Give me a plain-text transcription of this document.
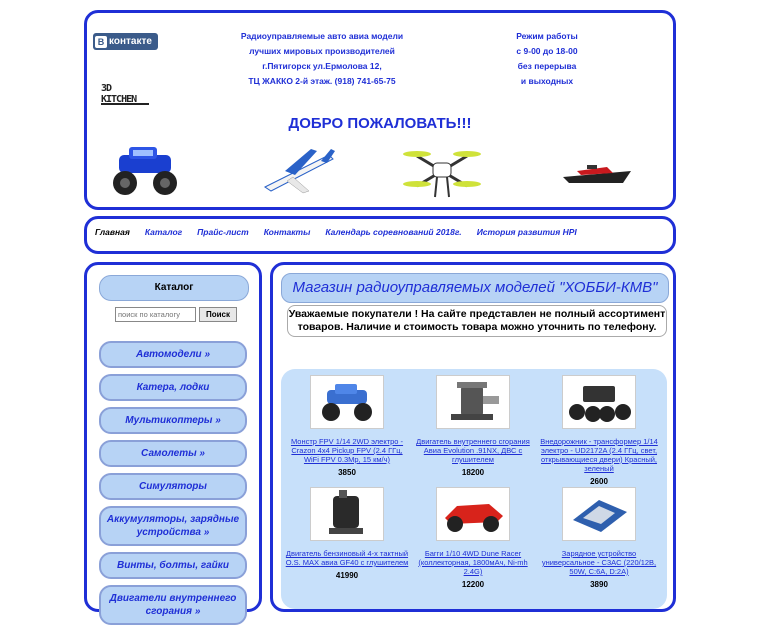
В контакте
3D KITCHEN
Радиоуправляемые авто авиа модели
лучших мировых производителей
г.Пятигорск ул.Ермолова 12,
ТЦ ЖАККО 2-й этаж. (918) 741-65-75
Режим работы
с 9-00 до 18-00
без перерыва
и выходных
ДОБРО ПОЖАЛОВАТЬ!!!
Главная Каталог Прайс-лист Контакты Календарь соревнований 2018г. История развития HPI
Каталог
поиск по каталогу
Поиск
Автомодели »
Катера, лодки
Мультикоптеры »
Самолеты »
Симуляторы
Аккумуляторы, зарядные устройства »
Винты, болты, гайки
Двигатели внутреннего сгорания »
Магазин радиоуправляемых моделей "ХОББИ-КМВ"
Уважаемые покупатели ! На сайте представлен не полный ассортимент товаров. Наличие и стоимость товара можно уточнить по телефону.
Монстр FPV 1/14 2WD электро - Crazon 4x4 Pickup FPV (2.4 ГГц, WiFi FPV 0.3Mp, 15 км/ч)
3850
Двигатель внутреннего сгорания Авиа Evolution .91NX, ДВС с глушителем
18200
Внедорожник - трансформер 1/14 электро - UD2172A (2.4 ГГц, свет, открывающиеся двери) Красный, зеленый
2600
Двигатель бензиновый 4-х тактный O.S. MAX авиа GF40 с глушителем
41990
Багги 1/10 4WD Dune Racer (коллекторная, 1800мАч, Ni-mh 2.4G)
12200
Зарядное устройство универсальное - C3AC (220/12В, 50W, C:6A, D:2A)
3890
